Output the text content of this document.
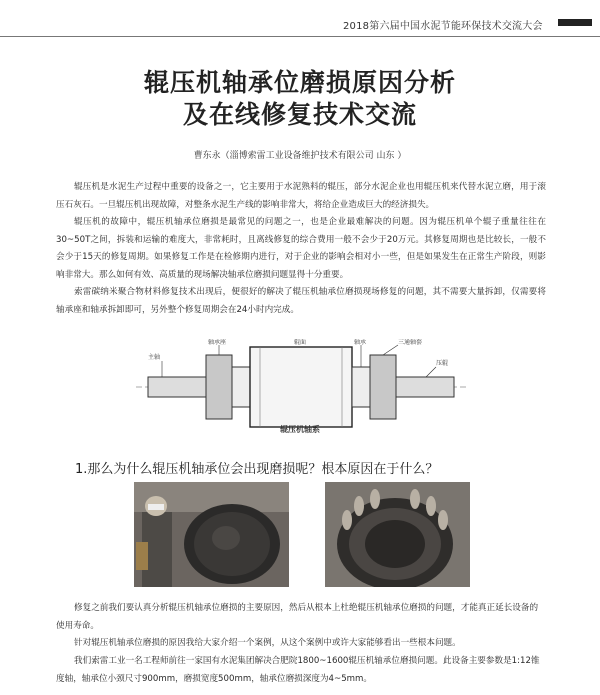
2018第六届中国水泥节能环保技术交流大会
辊压机轴承位磨损原因分析
及在线修复技术交流
曹东永（淄博索雷工业设备维护技术有限公司 山东 ）
辊压机是水泥生产过程中重要的设备之一，它主要用于水泥熟料的辊压，部分水泥企业也用辊压机来代替水泥立磨，用于滚压石灰石。一旦辊压机出现故障，对整条水泥生产线的影响非常大，将给企业造成巨大的经济损失。
辊压机的故障中，辊压机轴承位磨损是最常见的问题之一，也是企业最难解决的问题。因为辊压机单个辊子重量往往在30~50T之间，拆装和运输的难度大，非常耗时，且离线修复的综合费用一般不会少于20万元。其修复周期也是比较长，一般不会少于15天的修复周期。如果修复工作是在检修期内进行，对于企业的影响会相对小一些，但是如果发生在正常生产阶段，则影响非常大。那么如何有效、高质量的现场解决轴承位磨损问题显得十分重要。
索雷碳纳米聚合物材料修复技术出现后，便很好的解决了辊压机轴承位磨损现场修复的问题，其不需要大量拆卸，仅需要将轴承座和轴承拆卸即可，另外整个修复周期会在24小时内完成。
主轴
轴承座	辊面	轴承	三通轴套
压辊
辊压机轴系
1.那么为什么辊压机轴承位会出现磨损呢？根本原因在于什么？
修复之前我们要认真分析辊压机轴承位磨损的主要原因，然后从根本上杜绝辊压机轴承位磨损的问题，才能真正延长设备的使用寿命。
针对辊压机轴承位磨损的原因我给大家介绍一个案例，从这个案例中或许大家能够看出一些根本问题。
我们索雷工业一名工程师前往一家国有水泥集团解决合肥院1800~1600辊压机轴承位磨损问题。此设备主要参数是1:12锥度轴，轴承位小颈尺寸900mm，磨损宽度500mm，轴承位磨损深度为4~5mm。
